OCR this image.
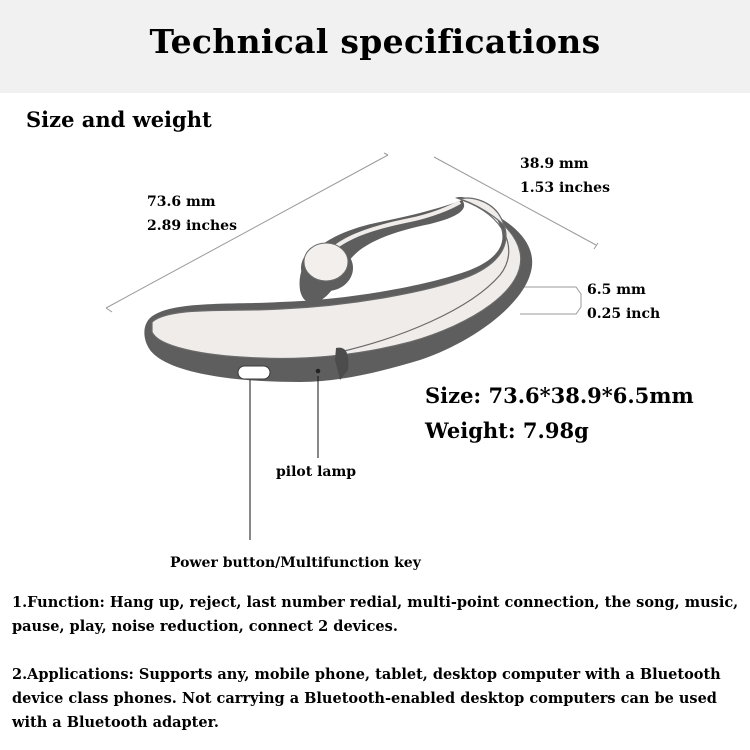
Technical specifications
Size and weight
73.6 mm
2.89 inches
38.9 mm
1.53 inches
6.5 mm
0.25 inch
Size: 73.6*38.9*6.5mm
Weight: 7.98g
pilot lamp
Power button/Multifunction key
1.Function: Hang up, reject, last number redial, multi-point connection, the song, music, pause, play, noise reduction, connect 2 devices.
2.Applications: Supports any, mobile phone, tablet, desktop computer with a Bluetooth device class phones. Not carrying a Bluetooth-enabled desktop computers can be used with a Bluetooth adapter.
